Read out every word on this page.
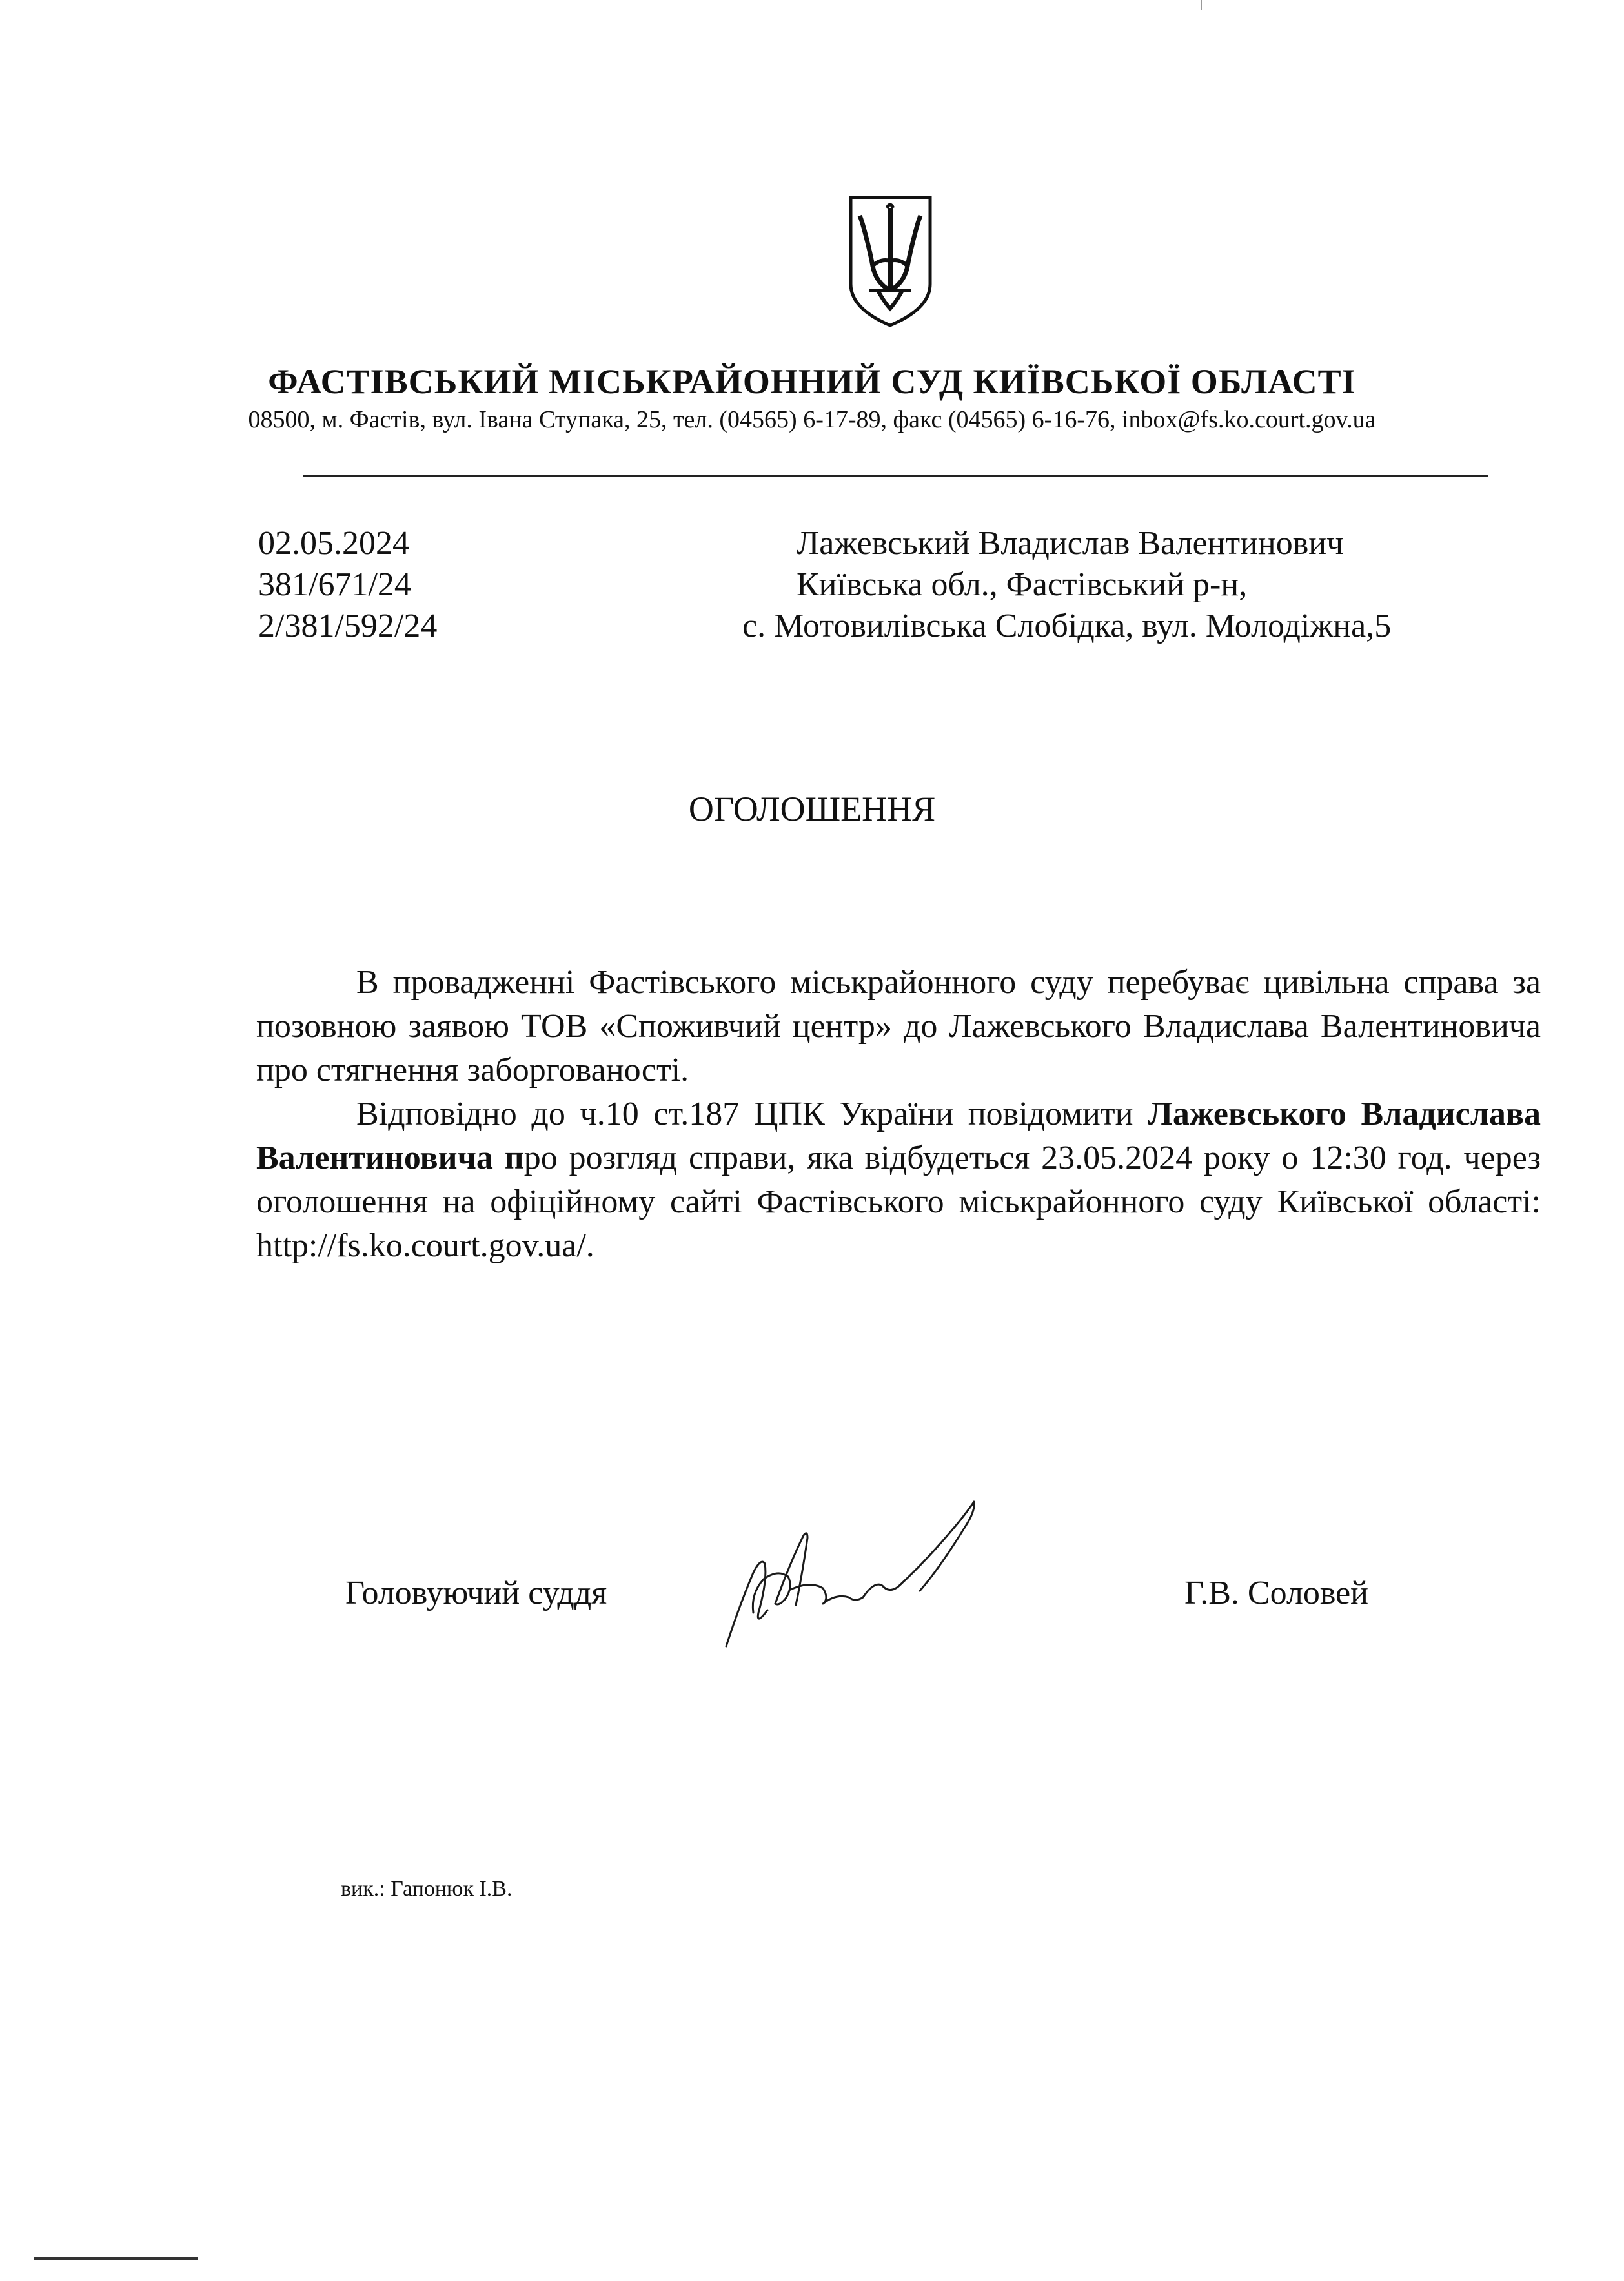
ФАСТІВСЬКИЙ МІСЬКРАЙОННИЙ СУД КИЇВСЬКОЇ ОБЛАСТІ
08500, м. Фастів, вул. Івана Ступака, 25, тел. (04565) 6-17-89, факс (04565) 6-16-76, inbox@fs.ko.court.gov.ua
02.05.2024
381/671/24
2/381/592/24
Лажевський Владислав Валентинович
Київська обл., Фастівський р-н,
с. Мотовилівська Слобідка, вул. Молодіжна,5
ОГОЛОШЕННЯ

В провадженні Фастівського міськрайонного суду перебуває цивільна справа за позовною заявою ТОВ «Споживчий центр» до Лажевського Владислава Валентиновича про стягнення заборгованості.

Відповідно до ч.10 ст.187 ЦПК України повідомити Лажевського Владислава Валентиновича про розгляд справи, яка відбудеться 23.05.2024 року о 12:30 год. через оголошення на офіційному сайті Фастівського міськрайонного суду Київської області: http://fs.ko.court.gov.ua/.

Головуючий суддя	Г.В. Соловей
вик.: Гапонюк І.В.
